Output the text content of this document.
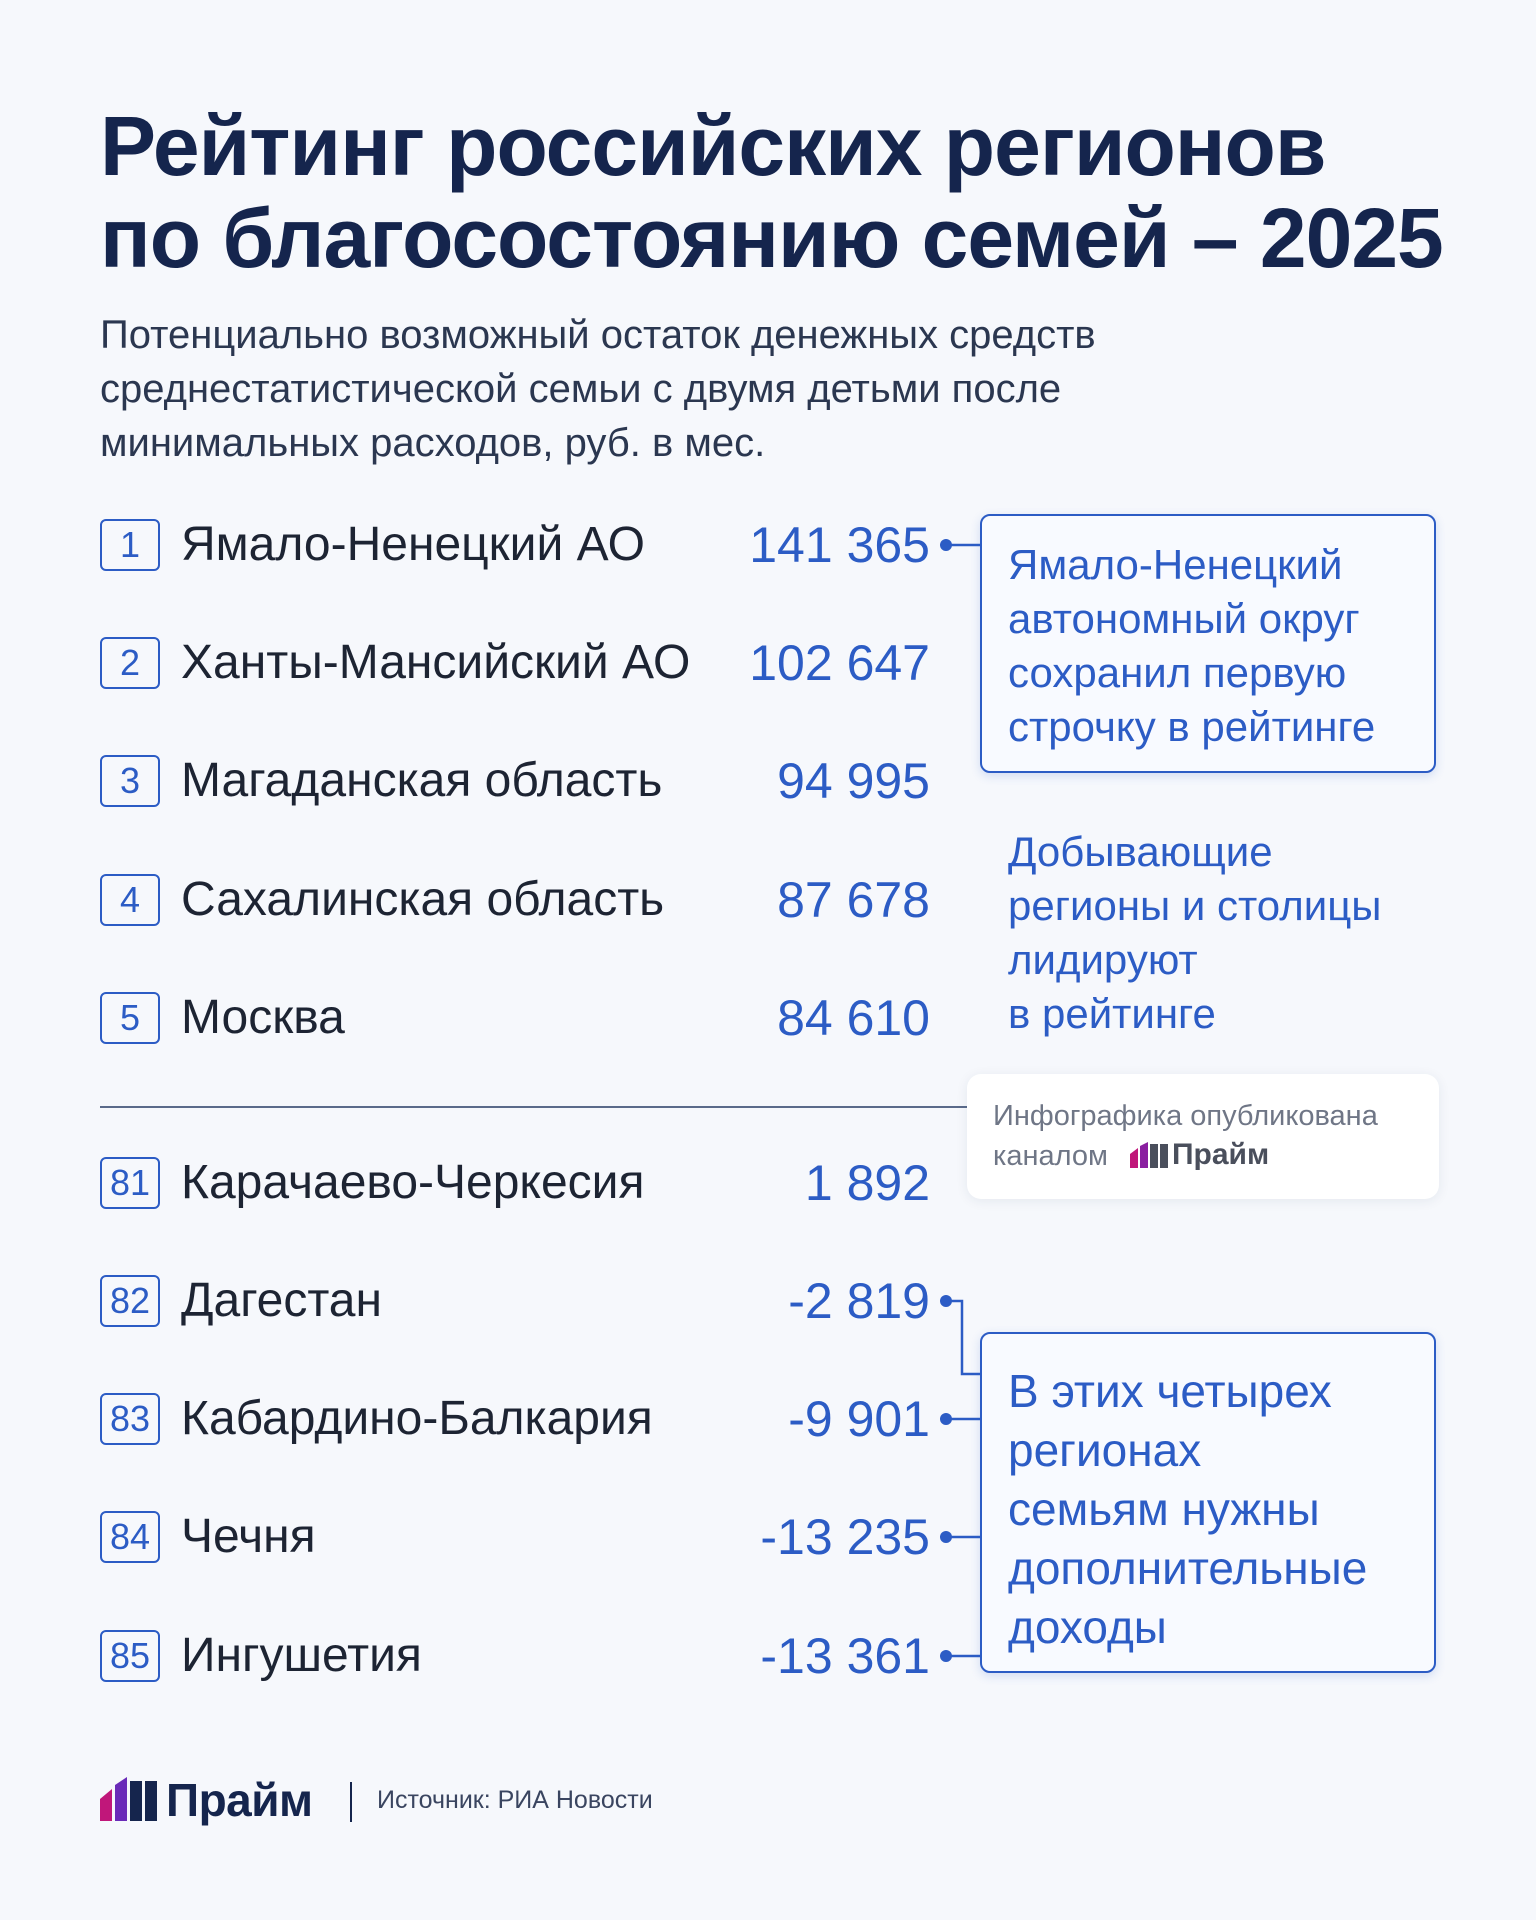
Рейтинг российских регионов
по благосостоянию семей – 2025

Потенциально возможный остаток денежных средств
среднестатистической семьи с двумя детьми после
минимальных расходов, руб. в мес.

1 Ямало-Ненецкий АО 141 365
2 Ханты-Мансийский АО 102 647
3 Магаданская область 94 995
4 Сахалинская область 87 678
5 Москва	84 610
81 Карачаево-Черкесия	1 892
82 Дагестан	-2 819
83 Кабардино-Балкария	-9 901
84 Чечня	-13 235
85 Ингушетия	-13 361
Ямало-Ненецкий
автономный округ
сохранил первую
строчку в рейтинге
Добывающие
регионы и столицы
лидируют
в рейтинге
Инфографика опубликована
каналом Прайм
В этих четырех
регионах
семьям нужны
дополнительные
доходы
Прайм	Источник: РИА Новости
